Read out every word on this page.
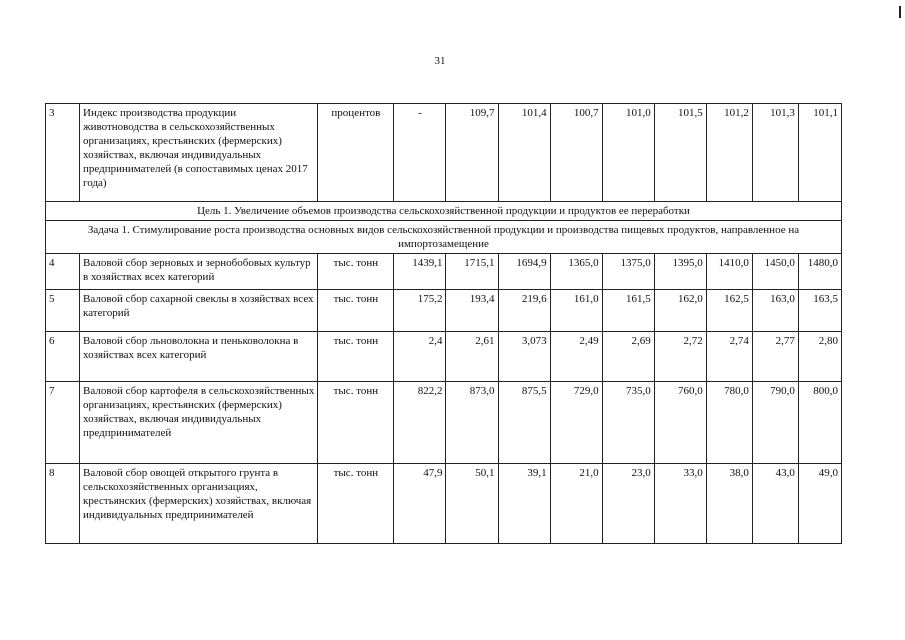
31
3	Индекс производства продукции животноводства в сельскохозяйственных организациях, крестьянских (фермерских) хозяйствах, включая индивидуальных предпринимателей (в сопоставимых ценах 2017 года)	процентов	-	109,7	101,4	100,7	101,0	101,5	101,2	101,3	101,1
Цель 1. Увеличение объемов производства сельскохозяйственной продукции и продуктов ее переработки											
Задача 1. Стимулирование роста производства основных видов сельскохозяйственной продукции и производства пищевых продуктов, направленное на импортозамещение											
4	Валовой сбор зерновых и зернобобовых культур в хозяйствах всех категорий	тыс. тонн	1439,1	1715,1	1694,9	1365,0	1375,0	1395,0	1410,0	1450,0	1480,0
5	Валовой сбор сахарной свеклы в хозяйствах всех категорий	тыс. тонн	175,2	193,4	219,6	161,0	161,5	162,0	162,5	163,0	163,5
6	Валовой сбор льноволокна и пеньковолокна в хозяйствах всех категорий	тыс. тонн	2,4	2,61	3,073	2,49	2,69	2,72	2,74	2,77	2,80
7	Валовой сбор картофеля в сельскохозяйственных организациях, крестьянских (фермерских) хозяйствах, включая индивидуальных предпринимателей	тыс. тонн	822,2	873,0	875,5	729,0	735,0	760,0	780,0	790,0	800,0
8	Валовой сбор овощей открытого грунта в сельскохозяйственных организациях, крестьянских (фермерских) хозяйствах, включая индивидуальных предпринимателей	тыс. тонн	47,9	50,1	39,1	21,0	23,0	33,0	38,0	43,0	49,0
